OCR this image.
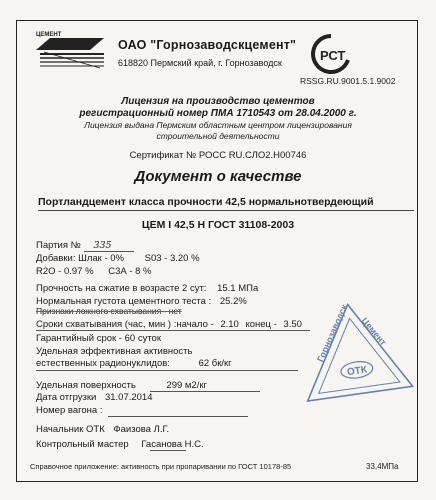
ЦЕМЕНТ
ОАО "Горнозаводскцемент"
618820 Пермский край, г. Горнозаводск	РСТ
RSSG.RU.9001.5.1.9002
Лицензия на производство цементов
регистрационный номер ПМА 1710543 от 28.04.2000 г.
Лицензия выдана Пермским областным центром лицензирования
строительной деятельности
Сертификат № РОСС RU.СЛО2.Н00746
Документ о качестве
Портландцемент класса прочности 42,5 нормальнотвердеющий
ЦЕМ I 42,5 Н ГОСТ 31108-2003
Партия № 335
Добавки: Шлак - 0% S03 - 3.20 %
R2O - 0.97 % С3А - 8 %
Прочность на сжатие в возрасте 2 сут: 15.1 МПа
Нормальная густота цементного теста : 25.2%
Признаки ложного схватывания - нет
Сроки схватывания (час, мин ) :начало - 2.10 конец - 3.50
Гарантийный срок - 60 суток
Удельная эффективная активность
естественных радионуклидов:	62 бк/кг
Удельная поверхность	299 м2/кг
Дата отгрузки 31.07.2014
Номер вагона :
Начальник ОТК Фаизова Л.Г.
Контрольный мастер Гасанова Н.С.
Горнозаводск Цемент
ОТК
Справочное приложение: активность при пропаривании по ГОСТ 10178-85	33,4МПа
